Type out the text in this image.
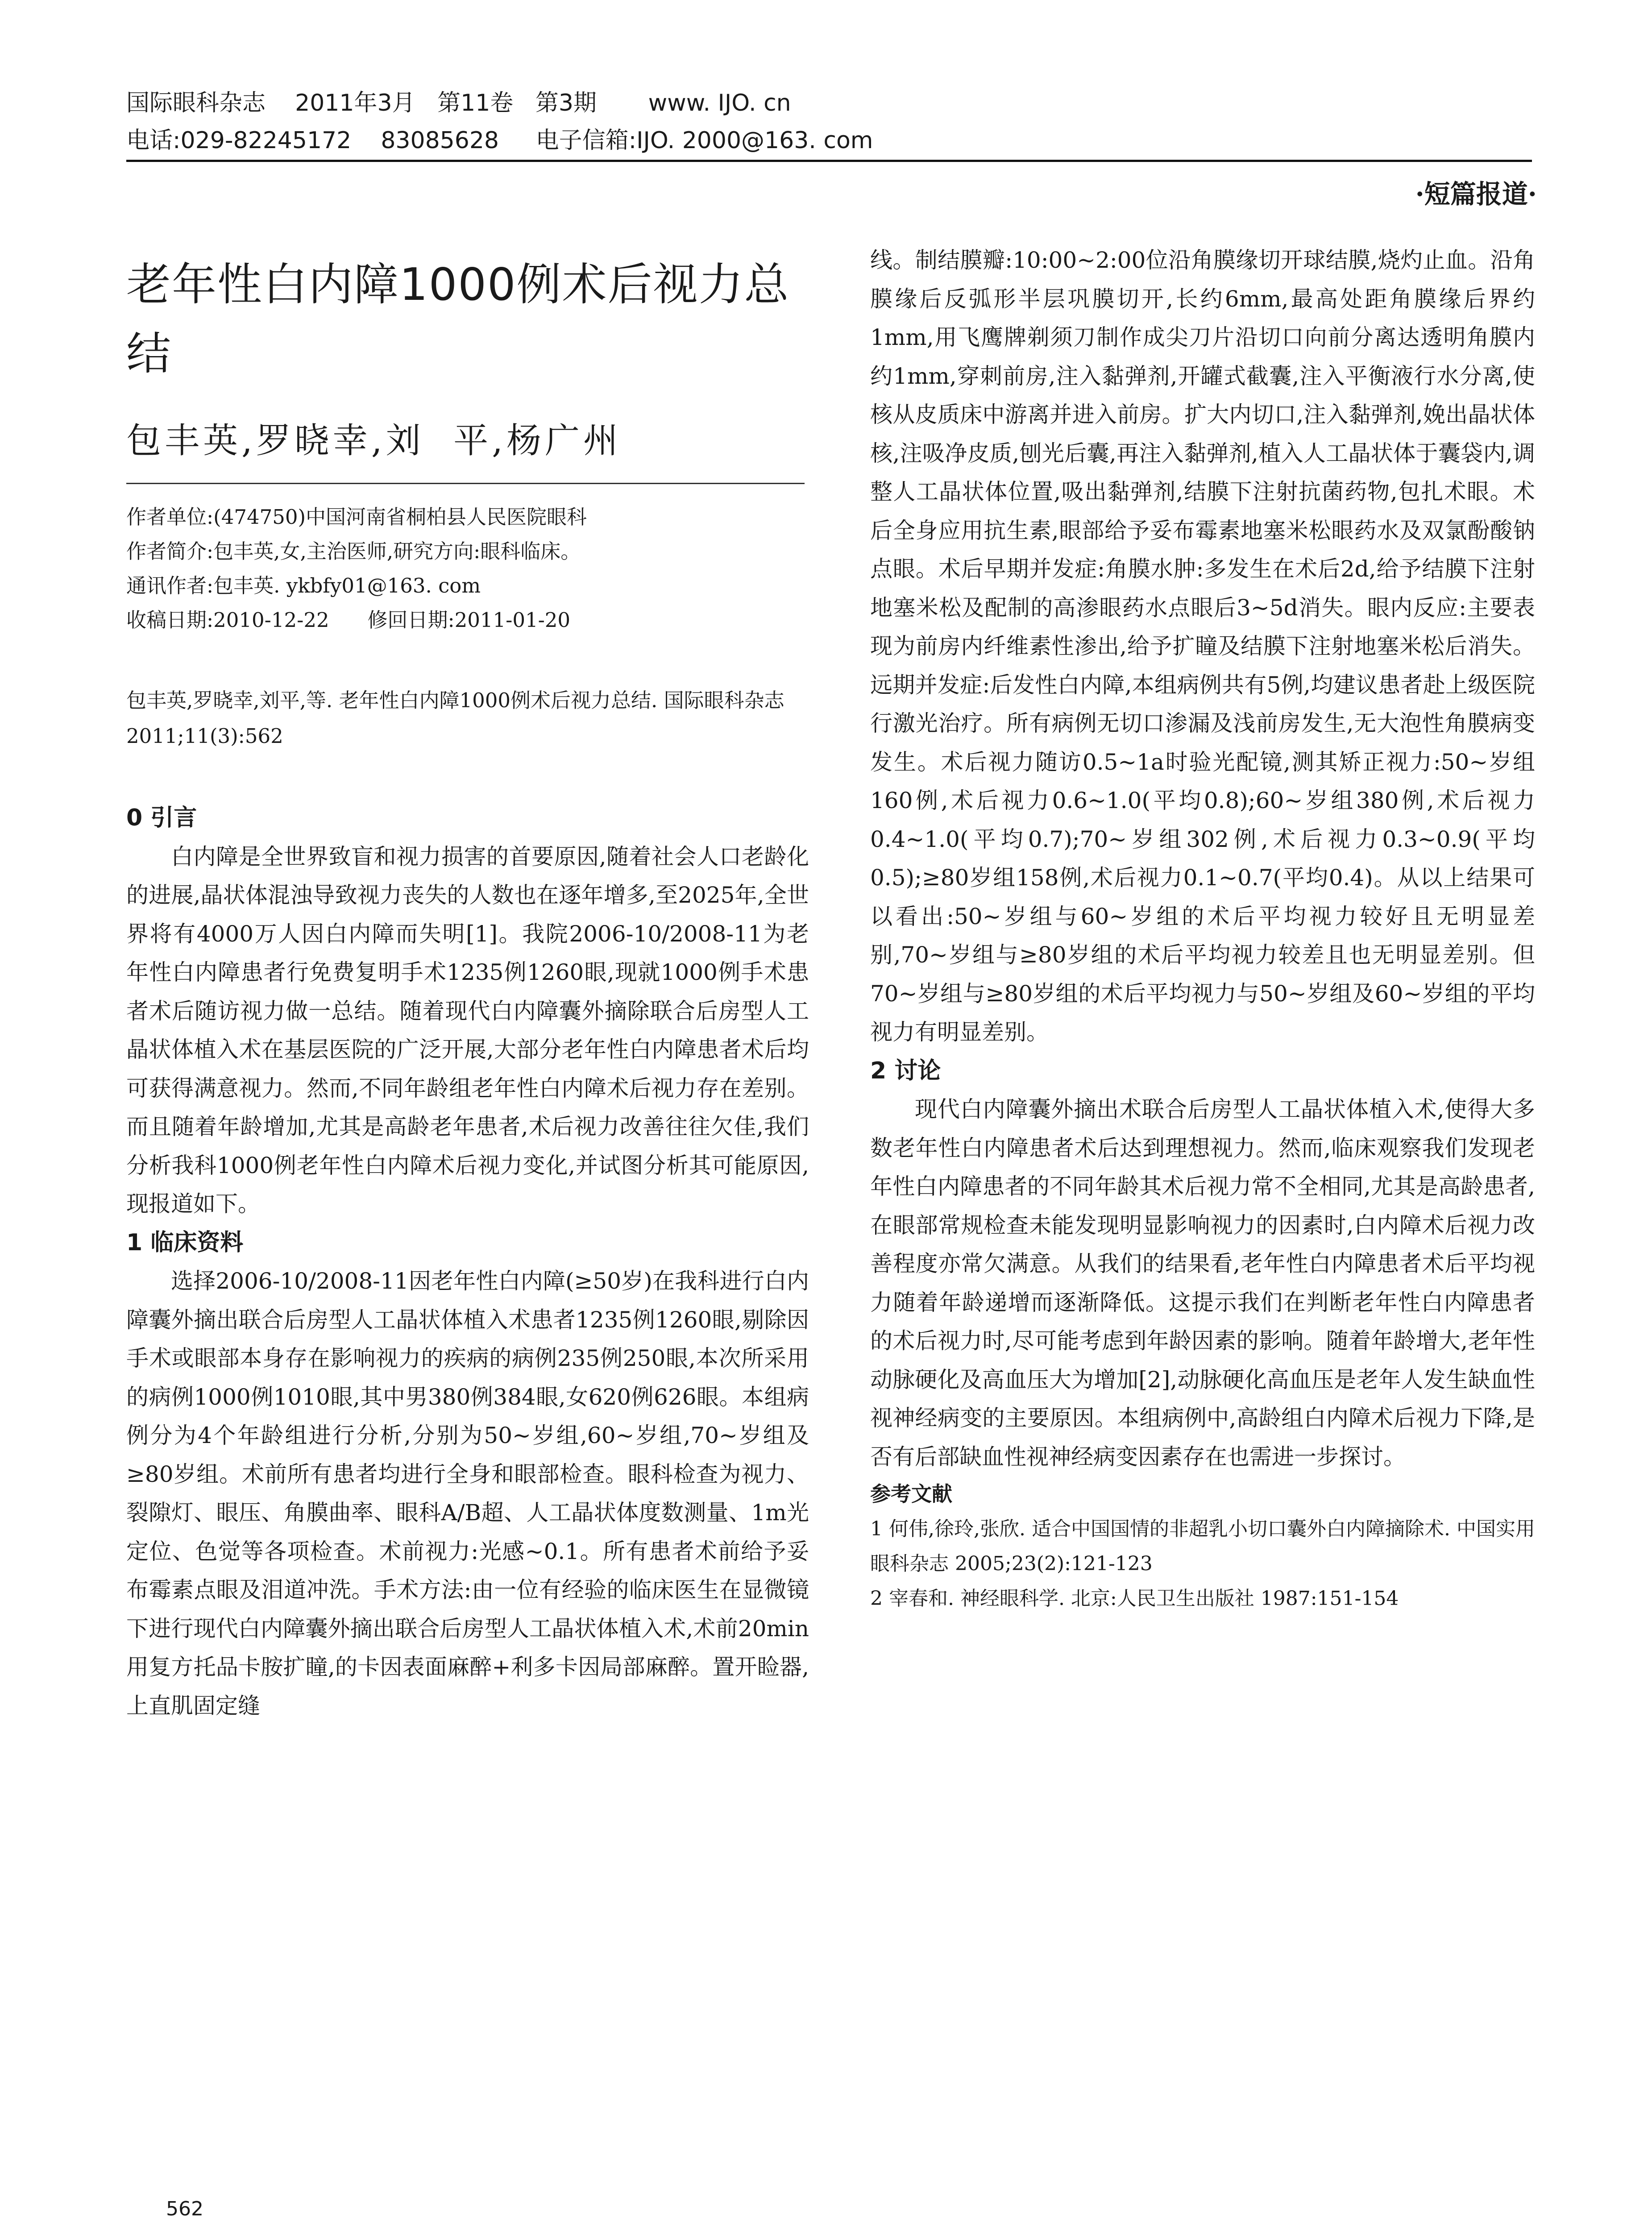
国际眼科杂志    2011年3月   第11卷   第3期       www. IJO. cn
电话:029-82245172    83085628     电子信箱:IJO. 2000@163. com
·短篇报道·
老年性白内障1000例术后视力总结
包丰英,罗晓幸,刘  平,杨广州
作者单位:(474750)中国河南省桐柏县人民医院眼科
作者简介:包丰英,女,主治医师,研究方向:眼科临床。
通讯作者:包丰英. ykbfy01@163. com
收稿日期:2010-12-22      修回日期:2011-01-20
包丰英,罗晓幸,刘平,等. 老年性白内障1000例术后视力总结. 国际眼科杂志 2011;11(3):562
0 引言

白内障是全世界致盲和视力损害的首要原因,随着社会人口老龄化的进展,晶状体混浊导致视力丧失的人数也在逐年增多,至2025年,全世界将有4000万人因白内障而失明[1]。我院2006-10/2008-11为老年性白内障患者行免费复明手术1235例1260眼,现就1000例手术患者术后随访视力做一总结。随着现代白内障囊外摘除联合后房型人工晶状体植入术在基层医院的广泛开展,大部分老年性白内障患者术后均可获得满意视力。然而,不同年龄组老年性白内障术后视力存在差别。而且随着年龄增加,尤其是高龄老年患者,术后视力改善往往欠佳,我们分析我科1000例老年性白内障术后视力变化,并试图分析其可能原因,现报道如下。

1 临床资料

选择2006-10/2008-11因老年性白内障(≥50岁)在我科进行白内障囊外摘出联合后房型人工晶状体植入术患者1235例1260眼,剔除因手术或眼部本身存在影响视力的疾病的病例235例250眼,本次所采用的病例1000例1010眼,其中男380例384眼,女620例626眼。本组病例分为4个年龄组进行分析,分别为50~岁组,60~岁组,70~岁组及≥80岁组。术前所有患者均进行全身和眼部检查。眼科检查为视力、裂隙灯、眼压、角膜曲率、眼科A/B超、人工晶状体度数测量、1m光定位、色觉等各项检查。术前视力:光感~0.1。所有患者术前给予妥布霉素点眼及泪道冲洗。手术方法:由一位有经验的临床医生在显微镜下进行现代白内障囊外摘出联合后房型人工晶状体植入术,术前20min用复方托品卡胺扩瞳,的卡因表面麻醉+利多卡因局部麻醉。置开睑器,上直肌固定缝

线。制结膜瓣:10:00~2:00位沿角膜缘切开球结膜,烧灼止血。沿角膜缘后反弧形半层巩膜切开,长约6mm,最高处距角膜缘后界约1mm,用飞鹰牌剃须刀制作成尖刀片沿切口向前分离达透明角膜内约1mm,穿刺前房,注入黏弹剂,开罐式截囊,注入平衡液行水分离,使核从皮质床中游离并进入前房。扩大内切口,注入黏弹剂,娩出晶状体核,注吸净皮质,刨光后囊,再注入黏弹剂,植入人工晶状体于囊袋内,调整人工晶状体位置,吸出黏弹剂,结膜下注射抗菌药物,包扎术眼。术后全身应用抗生素,眼部给予妥布霉素地塞米松眼药水及双氯酚酸钠点眼。术后早期并发症:角膜水肿:多发生在术后2d,给予结膜下注射地塞米松及配制的高渗眼药水点眼后3~5d消失。眼内反应:主要表现为前房内纤维素性渗出,给予扩瞳及结膜下注射地塞米松后消失。远期并发症:后发性白内障,本组病例共有5例,均建议患者赴上级医院行激光治疗。所有病例无切口渗漏及浅前房发生,无大泡性角膜病变发生。术后视力随访0.5~1a时验光配镜,测其矫正视力:50~岁组160例,术后视力0.6~1.0(平均0.8);60~岁组380例,术后视力0.4~1.0(平均0.7);70~岁组302例,术后视力0.3~0.9(平均0.5);≥80岁组158例,术后视力0.1~0.7(平均0.4)。从以上结果可以看出:50~岁组与60~岁组的术后平均视力较好且无明显差别,70~岁组与≥80岁组的术后平均视力较差且也无明显差别。但70~岁组与≥80岁组的术后平均视力与50~岁组及60~岁组的平均视力有明显差别。

2 讨论

现代白内障囊外摘出术联合后房型人工晶状体植入术,使得大多数老年性白内障患者术后达到理想视力。然而,临床观察我们发现老年性白内障患者的不同年龄其术后视力常不全相同,尤其是高龄患者,在眼部常规检查未能发现明显影响视力的因素时,白内障术后视力改善程度亦常欠满意。从我们的结果看,老年性白内障患者术后平均视力随着年龄递增而逐渐降低。这提示我们在判断老年性白内障患者的术后视力时,尽可能考虑到年龄因素的影响。随着年龄增大,老年性动脉硬化及高血压大为增加[2],动脉硬化高血压是老年人发生缺血性视神经病变的主要原因。本组病例中,高龄组白内障术后视力下降,是否有后部缺血性视神经病变因素存在也需进一步探讨。

参考文献

1 何伟,徐玲,张欣. 适合中国国情的非超乳小切口囊外白内障摘除术. 中国实用眼科杂志 2005;23(2):121-123

2 宰春和. 神经眼科学. 北京:人民卫生出版社 1987:151-154

562
